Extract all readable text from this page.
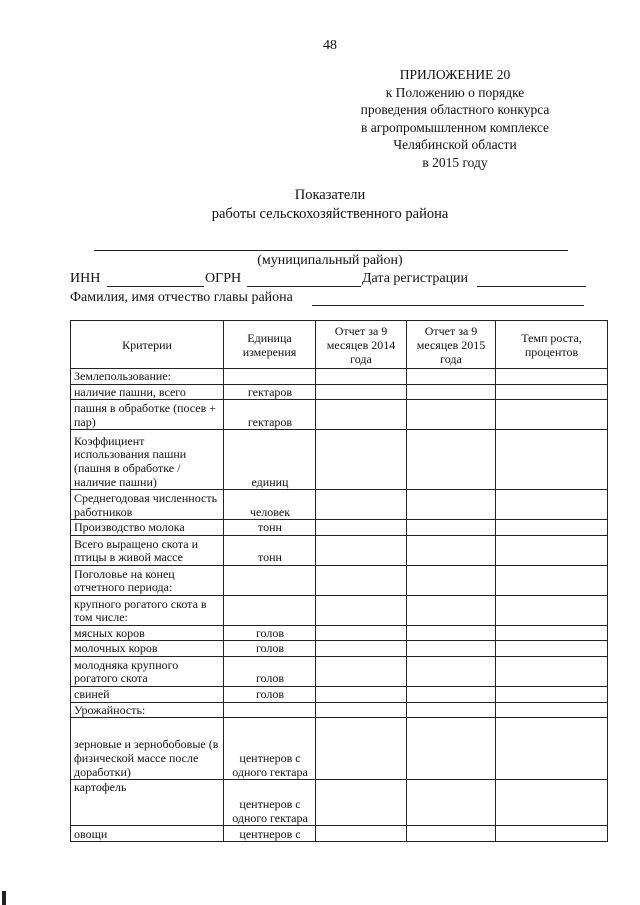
48
ПРИЛОЖЕНИЕ 20
к Положению о порядке
проведения областного конкурса
в агропромышленном комплексе
Челябинской области
в 2015 году
Показатели
работы сельскохозяйственного района
(муниципальный район)
ИНН	ОГРН	Дата регистрации
Фамилия, имя отчество главы района
Критерии	Единица измерения	Отчет за 9 месяцев 2014 года	Отчет за 9 месяцев 2015 года	Темп роста, процентов
Землепользование:				
наличие пашни, всего	гектаров			
пашня в обработке (посев + пар)	гектаров			
Коэффициент использования пашни (пашня в обработке / наличие пашни)	единиц			
Среднегодовая численность работников	человек			
Производство молока	тонн			
Всего выращено скота и птицы в живой массе	тонн			
Поголовье на конец отчетного периода:				
крупного рогатого скота в том числе:				
мясных коров	голов			
молочных коров	голов			
молодняка крупного рогатого скота	голов			
свиней	голов			
Урожайность:				
зерновые и зернобобовые (в физической массе после доработки)	центнеров с одного гектара			
картофель	центнеров с одного гектара			
овощи	центнеров с			
